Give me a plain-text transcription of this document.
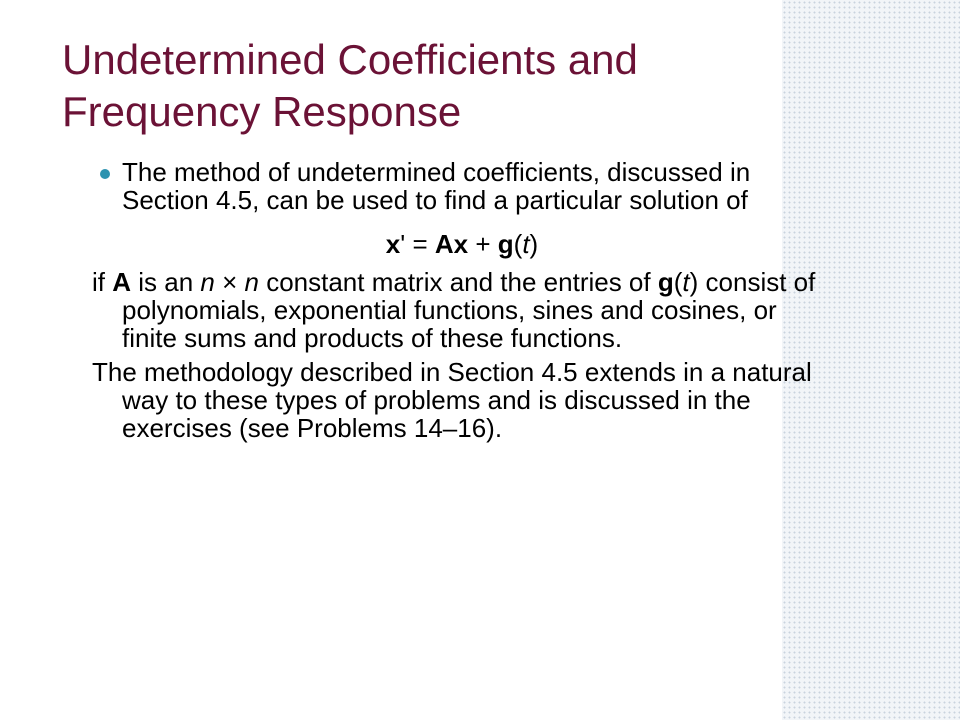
Undetermined Coefficients and Frequency Response
The method of undetermined coefficients, discussed in Section 4.5, can be used to find a particular solution of
x' = Ax + g(t)
if A is an n × n constant matrix and the entries of g(t) consist of polynomials, exponential functions, sines and cosines, or finite sums and products of these functions.
The methodology described in Section 4.5 extends in a natural way to these types of problems and is discussed in the exercises (see Problems 14–16).
